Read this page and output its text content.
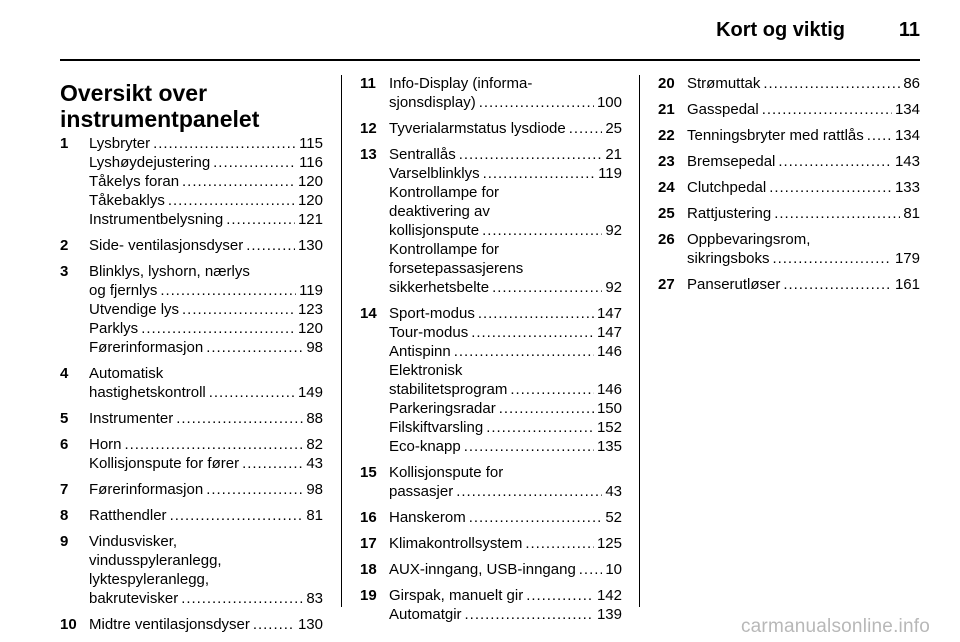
Kort og viktig	11
Oversikt over instrumentpanelet
1 Lysbryter . . .	115
Lyshøydejustering . . .	116
Tåkelys foran . . .	120
Tåkebaklys . . .	120
Instrumentbelysning . . .	121
2 Side- ventilasjonsdyser . . .	130
3 Blinklys, lyshorn, nærlys
og fjernlys . . .	119
Utvendige lys . . .	123
Parklys . . .	120
Førerinformasjon . . .	98
4 Automatisk
hastighetskontroll . . .	149
5 Instrumenter . . .	88
6 Horn . . .	82
Kollisjonspute for fører . . .	43
7 Førerinformasjon . . .	98
8 Ratthendler . . .	81
9 Vindusvisker,
vindusspyleranlegg,
lyktespyleranlegg,
bakrutevisker . . .	83
10 Midtre ventilasjonsdyser . . .	130
11 Info-Display (informa-
sjonsdisplay) . . .	100
12 Tyverialarmstatus lysdiode . . .	25
13 Sentrallås . . .	21
Varselblinklys . . .	119
Kontrollampe for
deaktivering av
kollisjonspute . . .	92
Kontrollampe for
forsetepassasjerens
sikkerhetsbelte . . .	92
14 Sport-modus . . .	147
Tour-modus . . .	147
Antispinn . . .	146
Elektronisk
stabilitetsprogram . . .	146
Parkeringsradar . . .	150
Filskiftvarsling . . .	152
Eco-knapp . . .	135
15 Kollisjonspute for
passasjer . . .	43
16 Hanskerom . . .	52
17 Klimakontrollsystem . . .	125
18 AUX-inngang, USB-inngang . . . 10
19 Girspak, manuelt gir . . .	142
Automatgir . . .	139
20 Strømuttak . . .	86
21 Gasspedal . . .	134
22 Tenningsbryter med rattlås . . . 134
23 Bremsepedal . . .	143
24 Clutchpedal . . .	133
25 Rattjustering . . .	81
26 Oppbevaringsrom,
sikringsboks . . .	179
27 Panserutløser . . .	161
carmanualsonline.info
